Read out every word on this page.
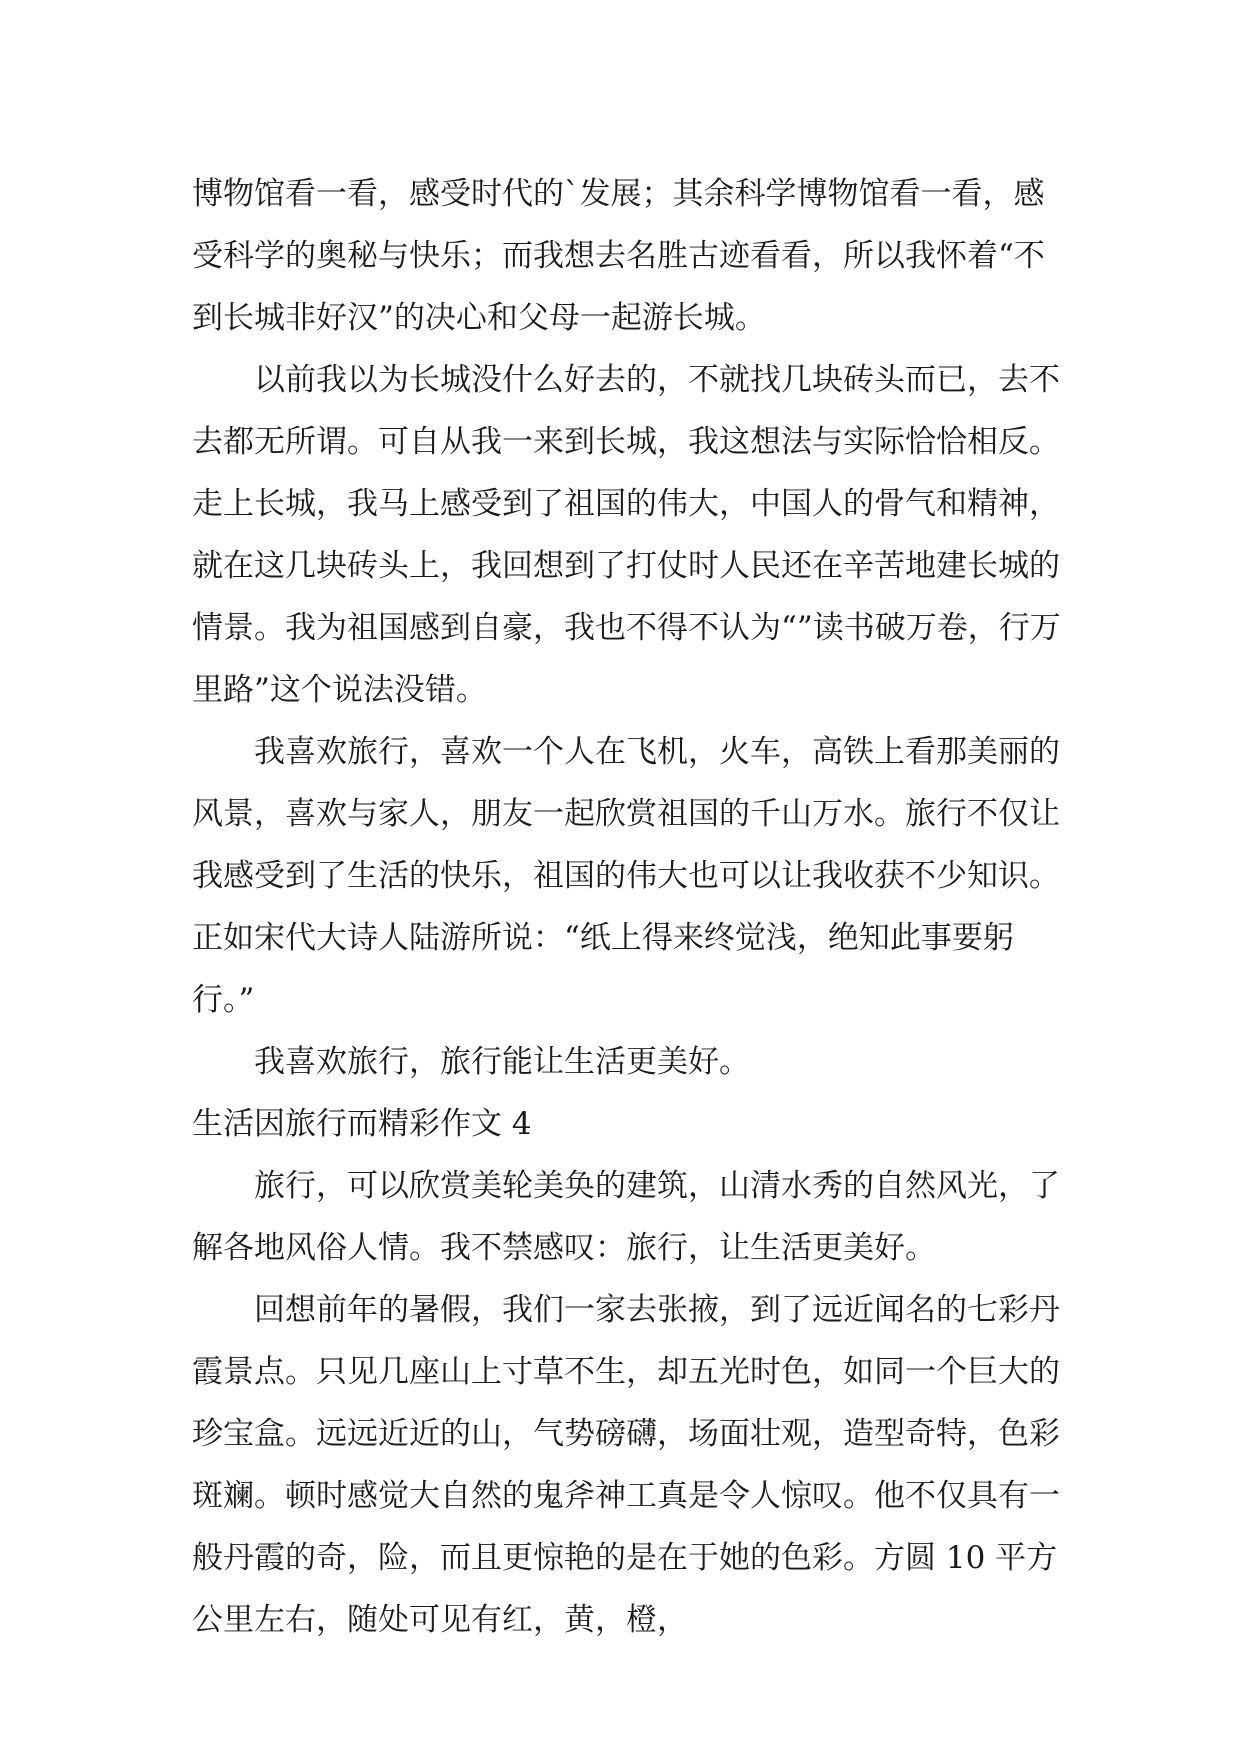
博物馆看一看，感受时代的`发展；其余科学博物馆看一看，感受科学的奥秘与快乐；而我想去名胜古迹看看，所以我怀着“不到长城非好汉”的决心和父母一起游长城。

以前我以为长城没什么好去的，不就找几块砖头而已，去不去都无所谓。可自从我一来到长城，我这想法与实际恰恰相反。走上长城，我马上感受到了祖国的伟大，中国人的骨气和精神，就在这几块砖头上，我回想到了打仗时人民还在辛苦地建长城的情景。我为祖国感到自豪，我也不得不认为“”读书破万卷，行万里路”这个说法没错。

我喜欢旅行，喜欢一个人在飞机，火车，高铁上看那美丽的风景，喜欢与家人，朋友一起欣赏祖国的千山万水。旅行不仅让我感受到了生活的快乐，祖国的伟大也可以让我收获不少知识。正如宋代大诗人陆游所说：“纸上得来终觉浅，绝知此事要躬行。”

我喜欢旅行，旅行能让生活更美好。

生活因旅行而精彩作文 4

旅行，可以欣赏美轮美奂的建筑，山清水秀的自然风光，了解各地风俗人情。我不禁感叹：旅行，让生活更美好。

回想前年的暑假，我们一家去张掖，到了远近闻名的七彩丹霞景点。只见几座山上寸草不生，却五光时色，如同一个巨大的珍宝盒。远远近近的山，气势磅礴，场面壮观，造型奇特，色彩斑斓。顿时感觉大自然的鬼斧神工真是令人惊叹。他不仅具有一般丹霞的奇，险，而且更惊艳的是在于她的色彩。方圆 10 平方公里左右，随处可见有红，黄，橙，
